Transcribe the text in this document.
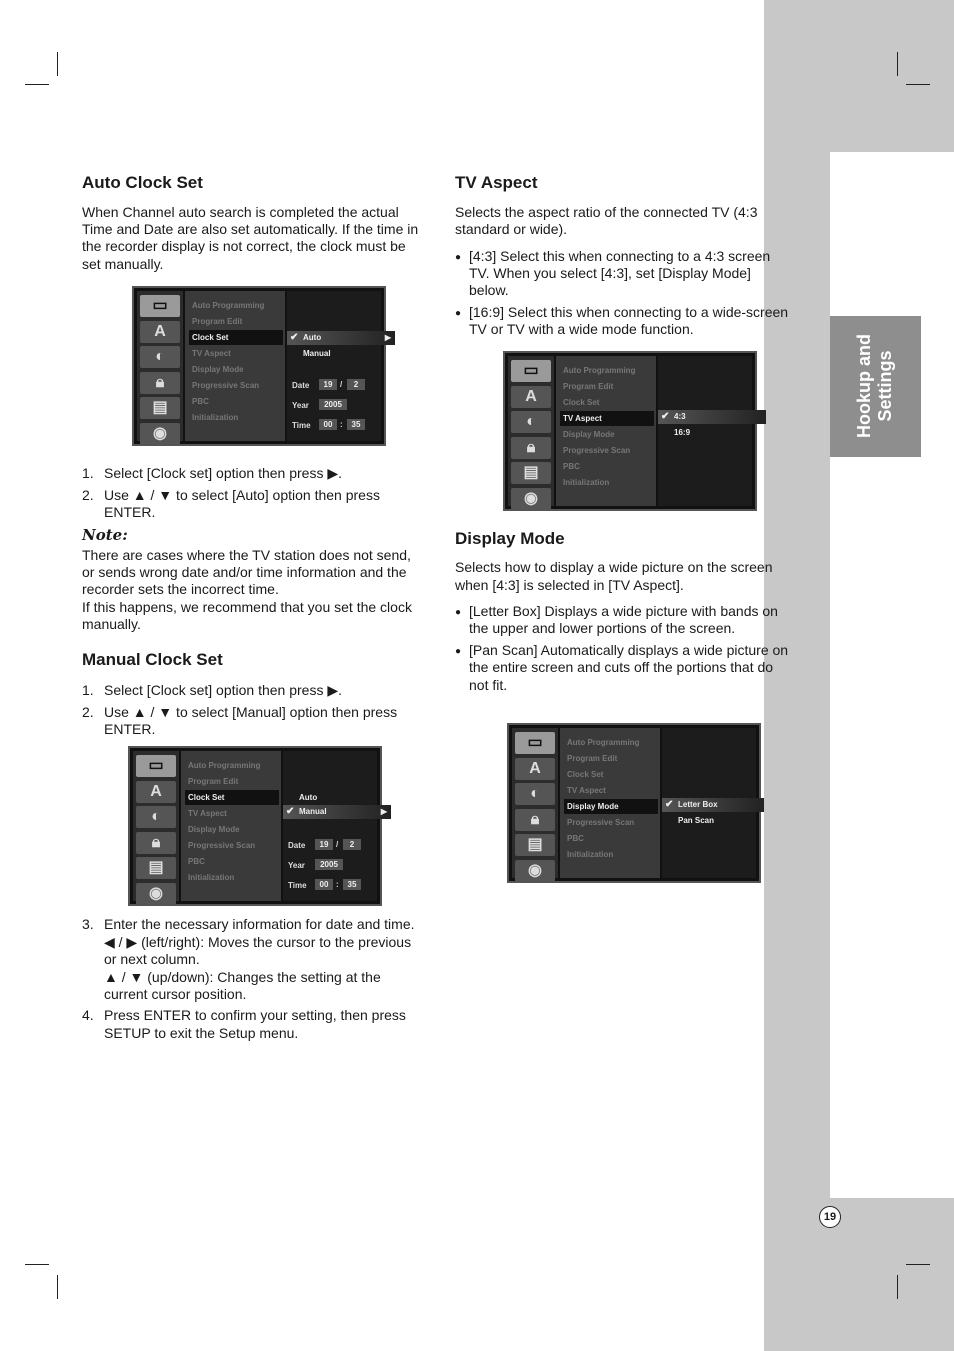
Hookup and Settings
19
Auto Clock Set

When Channel auto search is completed the actual

Time and Date are also set automatically. If the time in

the recorder display is not correct, the clock must be

set manually.

1. Select [Clock set] option then press ▶.
2. Use ▲ / ▼ to select [Auto] option then press
ENTER.

Note:

There are cases where the TV station does not send,

or sends wrong date and/or time information and the

recorder sets the incorrect time.

If this happens, we recommend that you set the clock

manually.

Manual Clock Set
1. Select [Clock set] option then press ▶.
2. Use ▲ / ▼ to select [Manual] option then press
ENTER.
3. Enter the necessary information for date and time.
◀ / ▶ (left/right): Moves the cursor to the previous
or next column.
▲ / ▼ (up/down): Changes the setting at the
current cursor position.
4. Press ENTER to confirm your setting, then press
SETUP to exit the Setup menu.
TV Aspect

Selects the aspect ratio of the connected TV (4:3

standard or wide).

● [4:3] Select this when connecting to a 4:3 screen
TV. When you select [4:3], set [Display Mode]
below.
● [16:9] Select this when connecting to a wide-screen
TV or TV with a wide mode function.
Display Mode

Selects how to display a wide picture on the screen

when [4:3] is selected in [TV Aspect].

● [Letter Box] Displays a wide picture with bands on
the upper and lower portions of the screen.
● [Pan Scan] Automatically displays a wide picture on
the entire screen and cuts off the portions that do
not fit.
▭
A
◐
🔒︎
▤
◉
Auto Programming
Program Edit
Clock Set
TV Aspect
Display Mode
Progressive Scan
PBC
Initialization
✔ Auto	▶
Manual
Date	19 /	2
Year	2005
Time	00 :	35
▭
A
◐
🔒︎
▤
◉
Auto Programming
Program Edit
Clock Set
TV Aspect
Display Mode
Progressive Scan
PBC
Initialization
Auto
✔ Manual	▶
Date	19 /	2
Year	2005
Time	00 :	35
▭
A
◐
🔒︎
▤
◉
Auto Programming
Program Edit
Clock Set
TV Aspect
Display Mode
Progressive Scan
PBC
Initialization
✔ 4:3
16:9
▭
A
◐
🔒︎
▤
◉
Auto Programming
Program Edit
Clock Set
TV Aspect
Display Mode
Progressive Scan
PBC
Initialization
✔ Letter Box
Pan Scan
